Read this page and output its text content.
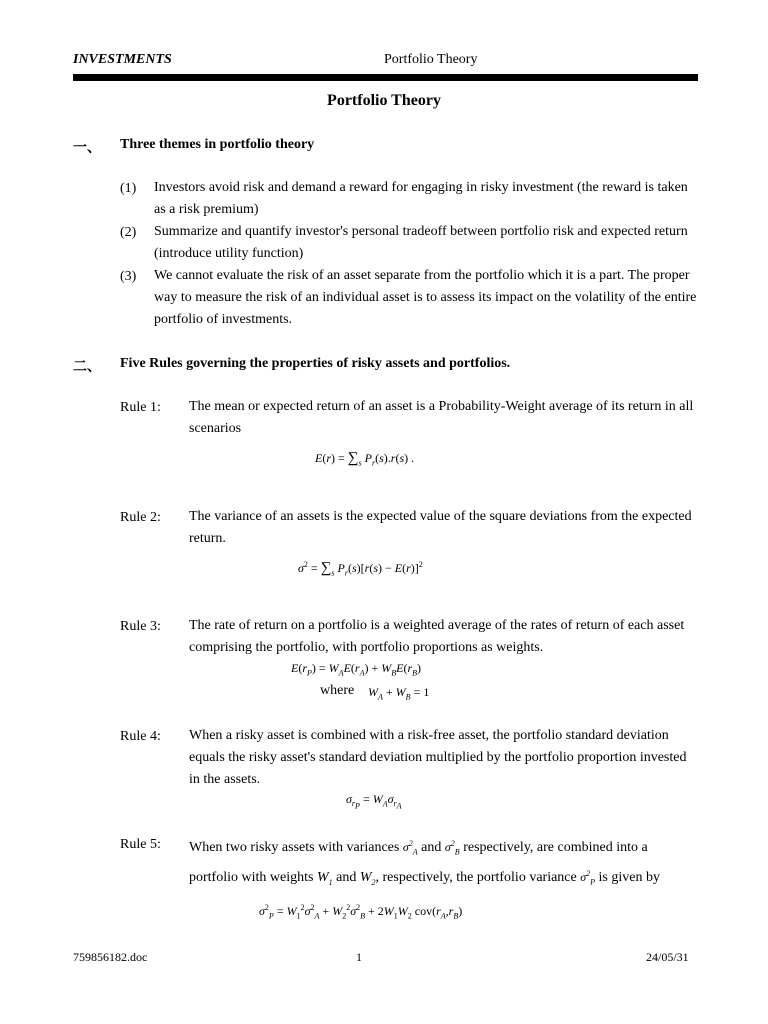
INVESTMENTS	Portfolio Theory
Portfolio Theory
一、 Three themes in portfolio theory
(1) Investors avoid risk and demand a reward for engaging in risky investment (the reward is taken as a risk premium)
(2) Summarize and quantify investor's personal tradeoff between portfolio risk and expected return (introduce utility function)
(3) We cannot evaluate the risk of an asset separate from the portfolio which it is a part. The proper way to measure the risk of an individual asset is to assess its impact on the volatility of the entire portfolio of investments.
二、 Five Rules governing the properties of risky assets and portfolios.
Rule 1: The mean or expected return of an asset is a Probability-Weight average of its return in all scenarios
$E(r) = \sum_s$ $P_r(s).r(s)$ .
Rule 2: The variance of an assets is the expected value of the square deviations from the expected return.
$\sigma^2 = \sum_s$ $P_r(s)[r(s) - E(r)]^2$
Rule 3: The rate of return on a portfolio is a weighted average of the rates of return of each asset comprising the portfolio, with portfolio proportions as weights.
$E(r_P) = W_AE(r_A) + W_BE(r_B)$
where $W_A + W_B = 1$
Rule 4: When a risky asset is combined with a risk-free asset, the portfolio standard deviation equals the risky asset's standard deviation multiplied by the portfolio proportion invested in the assets.
$\sigma_{r_P} = W_A\sigma_{r_A}$
Rule 5: When two risky assets with variances $\sigma^2_A$ and $\sigma^2_B$ respectively, are combined into a portfolio with weights $W_1$ and $W_2$, respectively, the portfolio variance $\sigma^2_P$ is given by
$\sigma^2_P = W_1^2\sigma^2_A + W_2^2\sigma^2_B + 2W_1W_2$ $cov(r_A,r_B)$
759856182.doc	1	24/05/31
